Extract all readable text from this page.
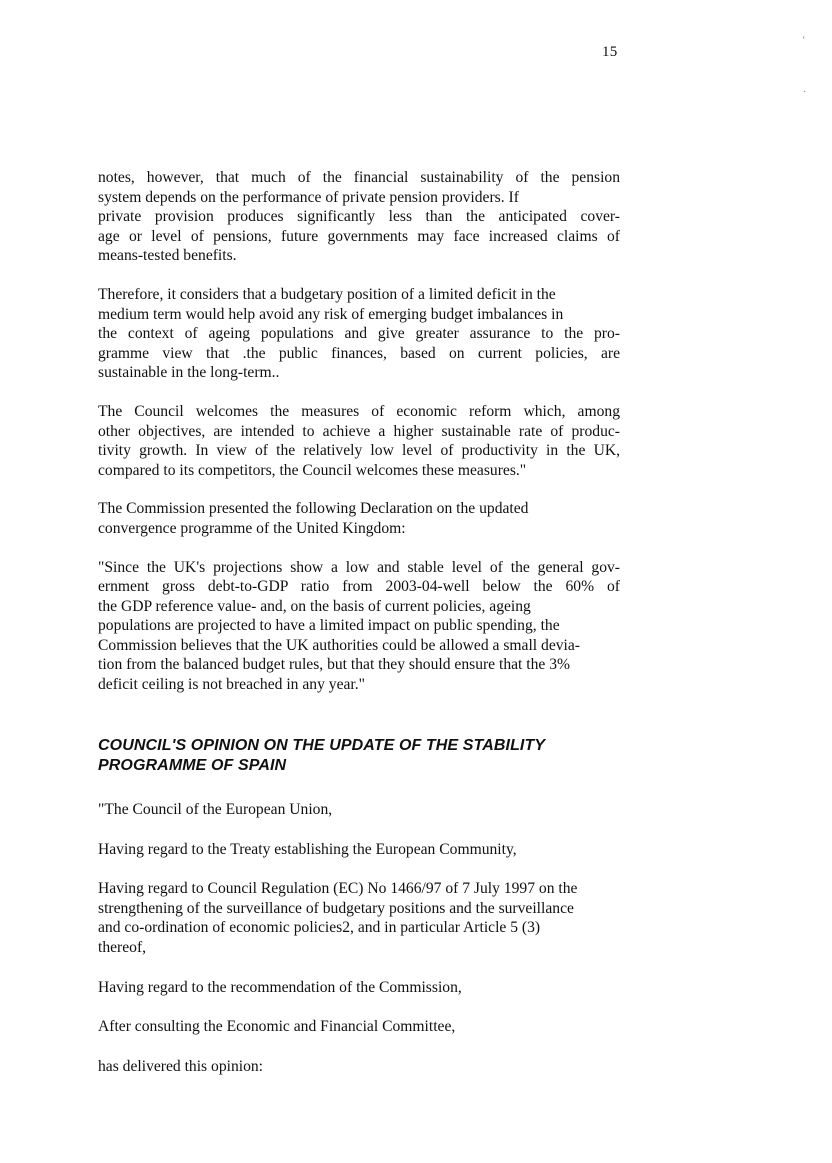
15

notes, however, that much of the financial sustainability of the pension
system depends on the performance of private pension providers. If
private provision produces significantly less than the anticipated cover-
age or level of pensions, future governments may face increased claims of
means-tested benefits.

Therefore, it considers that a budgetary position of a limited deficit in the
medium term would help avoid any risk of emerging budget imbalances in
the context of ageing populations and give greater assurance to the pro-
gramme view that .the public finances, based on current policies, are
sustainable in the long-term..

The Council welcomes the measures of economic reform which, among
other objectives, are intended to achieve a higher sustainable rate of produc-
tivity growth. In view of the relatively low level of productivity in the UK,
compared to its competitors, the Council welcomes these measures."

The Commission presented the following Declaration on the updated
convergence programme of the United Kingdom:

"Since the UK's projections show a low and stable level of the general gov-
ernment gross debt-to-GDP ratio from 2003-04-well below the 60% of
the GDP reference value- and, on the basis of current policies, ageing
populations are projected to have a limited impact on public spending, the
Commission believes that the UK authorities could be allowed a small devia-
tion from the balanced budget rules, but that they should ensure that the 3%
deficit ceiling is not breached in any year."

COUNCIL'S OPINION ON THE UPDATE OF THE STABILITY
PROGRAMME OF SPAIN

"The Council of the European Union,

Having regard to the Treaty establishing the European Community,

Having regard to Council Regulation (EC) No 1466/97 of 7 July 1997 on the
strengthening of the surveillance of budgetary positions and the surveillance
and co-ordination of economic policies2, and in particular Article 5 (3)
thereof,

Having regard to the recommendation of the Commission,

After consulting the Economic and Financial Committee,

has delivered this opinion:

‘
·
